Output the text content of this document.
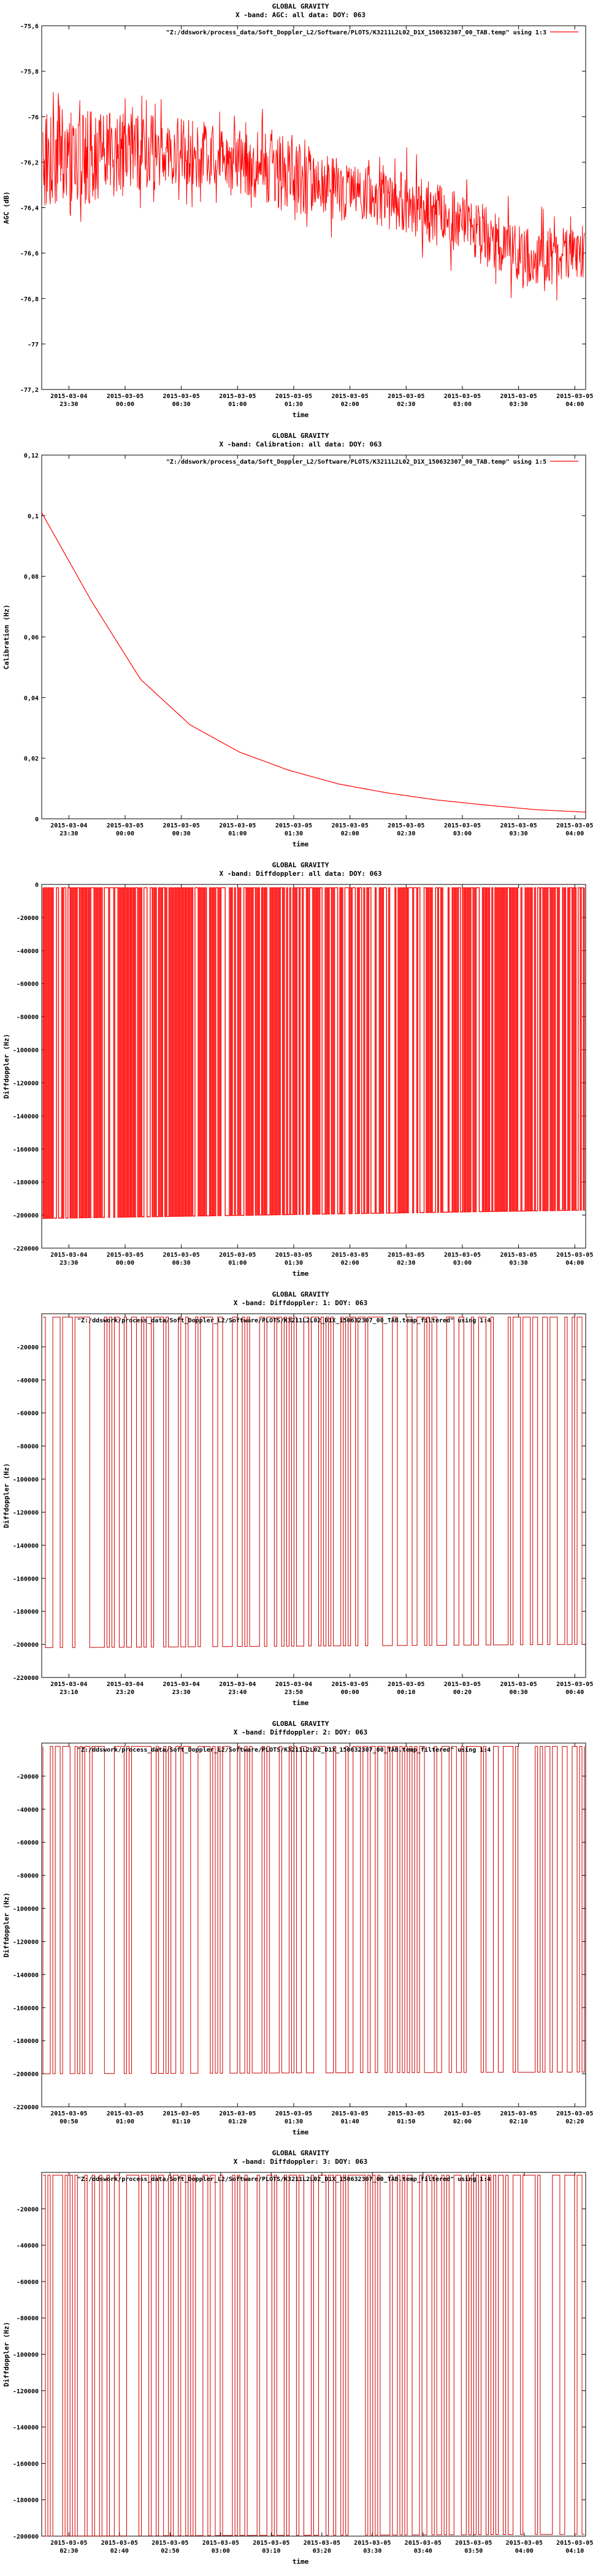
GLOBAL GRAVITY
X -band: AGC: all data: DOY: 063
-75,6
-75,8
-76
-76,2
-76,4
-76,6
-76,8
-77
-77,2
2015-03-04
23:30
2015-03-05
00:00
2015-03-05
00:30
2015-03-05
01:00
2015-03-05
01:30
2015-03-05
02:00
2015-03-05
02:30
2015-03-05
03:00
2015-03-05
03:30
2015-03-05
04:00
time
AGC (dB)
"Z:/ddswork/process_data/Soft_Doppler_L2/Software/PLOTS/K3211L2L02_D1X_150632307_00_TAB.temp" using 1:3
GLOBAL GRAVITY
X -band: Calibration: all data: DOY: 063
0
0,02
0,04
0,06
0,08
0,1
0,12
2015-03-04
23:30
2015-03-05
00:00
2015-03-05
00:30
2015-03-05
01:00
2015-03-05
01:30
2015-03-05
02:00
2015-03-05
02:30
2015-03-05
03:00
2015-03-05
03:30
2015-03-05
04:00
time
Calibration (Hz)
"Z:/ddswork/process_data/Soft_Doppler_L2/Software/PLOTS/K3211L2L02_D1X_150632307_00_TAB.temp" using 1:5
GLOBAL GRAVITY
X -band: Diffdoppler: all data: DOY: 063
0
-20000
-40000
-60000
-80000
-100000
-120000
-140000
-160000
-180000
-200000
-220000
2015-03-04
23:30
2015-03-05
00:00
2015-03-05
00:30
2015-03-05
01:00
2015-03-05
01:30
2015-03-05
02:00
2015-03-05
02:30
2015-03-05
03:00
2015-03-05
03:30
2015-03-05
04:00
time
Diffdoppler (Hz)
GLOBAL GRAVITY
X -band: Diffdoppler: 1: DOY: 063
-20000
-40000
-60000
-80000
-100000
-120000
-140000
-160000
-180000
-200000
-220000
2015-03-04
23:10
2015-03-04
23:20
2015-03-04
23:30
2015-03-04
23:40
2015-03-04
23:50
2015-03-05
00:00
2015-03-05
00:10
2015-03-05
00:20
2015-03-05
00:30
2015-03-05
00:40
time
Diffdoppler (Hz)
"Z:/ddswork/process_data/Soft_Doppler_L2/Software/PLOTS/K3211L2L02_D1X_150632307_00_TAB.temp_filtered" using 1:4
GLOBAL GRAVITY
X -band: Diffdoppler: 2: DOY: 063
-20000
-40000
-60000
-80000
-100000
-120000
-140000
-160000
-180000
-200000
-220000
2015-03-05
00:50
2015-03-05
01:00
2015-03-05
01:10
2015-03-05
01:20
2015-03-05
01:30
2015-03-05
01:40
2015-03-05
01:50
2015-03-05
02:00
2015-03-05
02:10
2015-03-05
02:20
time
Diffdoppler (Hz)
"Z:/ddswork/process_data/Soft_Doppler_L2/Software/PLOTS/K3211L2L02_D1X_150632307_00_TAB.temp_filtered" using 1:4
GLOBAL GRAVITY
X -band: Diffdoppler: 3: DOY: 063
-20000
-40000
-60000
-80000
-100000
-120000
-140000
-160000
-180000
-200000
2015-03-05
02:30
2015-03-05
02:40
2015-03-05
02:50
2015-03-05
03:00
2015-03-05
03:10
2015-03-05
03:20
2015-03-05
03:30
2015-03-05
03:40
2015-03-05
03:50
2015-03-05
04:00
2015-03-05
04:10
time
Diffdoppler (Hz)
"Z:/ddswork/process_data/Soft_Doppler_L2/Software/PLOTS/K3211L2L02_D1X_150632307_00_TAB.temp_filtered" using 1:4
